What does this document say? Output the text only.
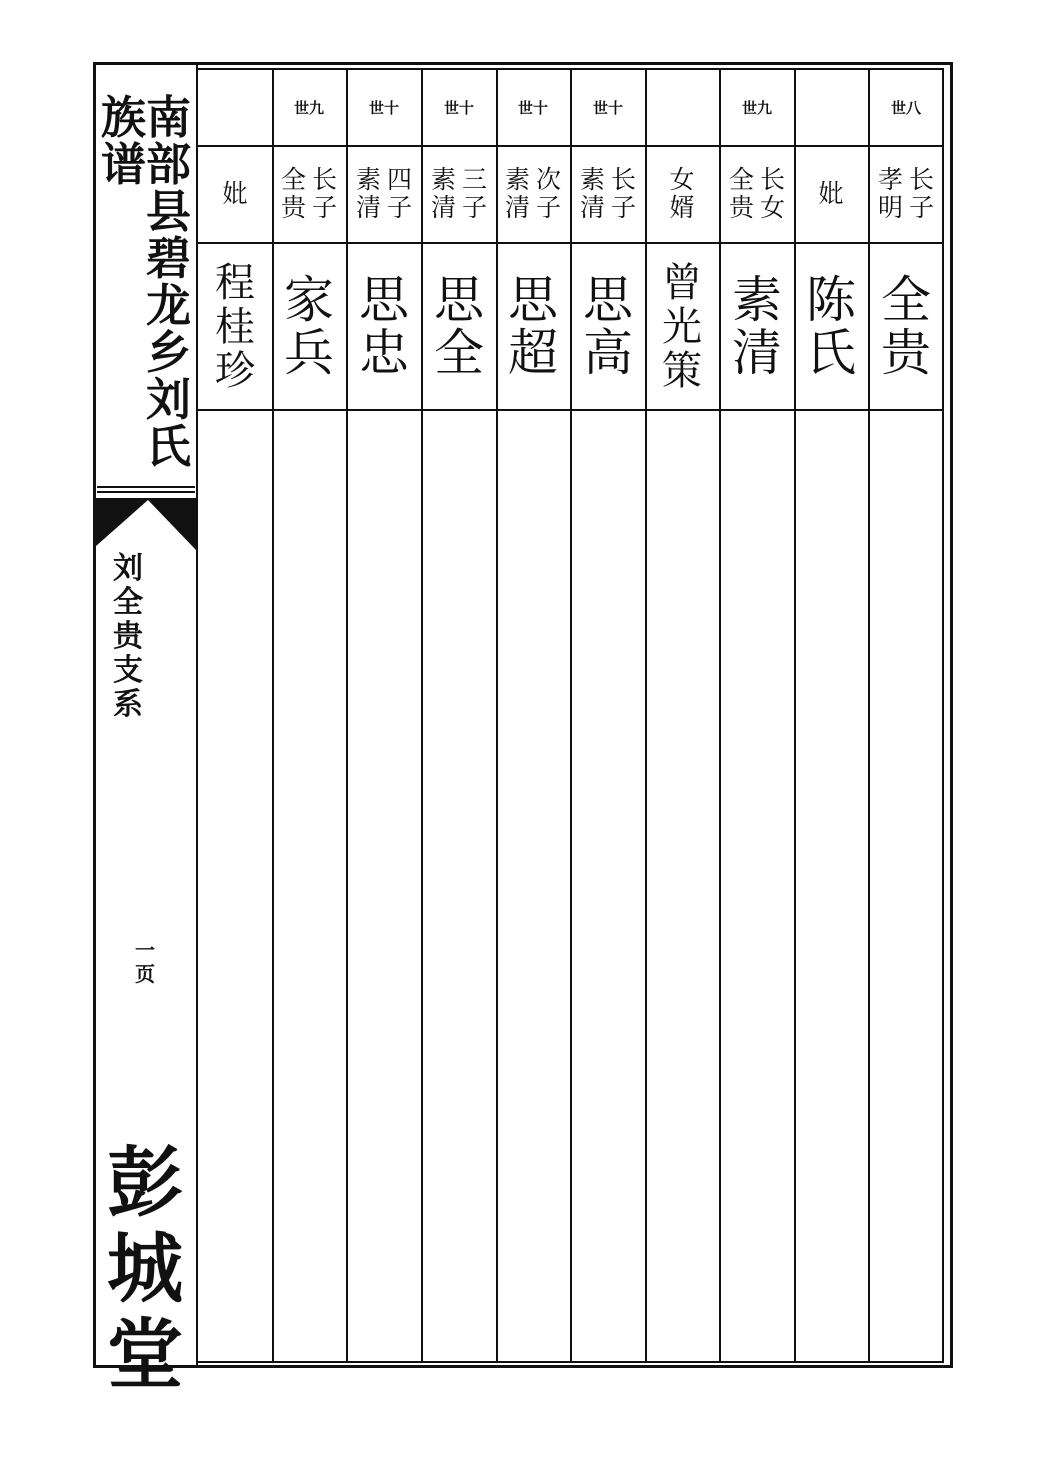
南
部
县
碧
龙
乡
刘
氏
族
谱
刘
全
贵
支
系
一
页
彭
城
堂
世八
长
子
孝
明
全
贵
妣
陈
氏
世九
长
女
全
贵
素
清
女
婿
曾
光
策
世十
长
子
素
清
思
高
世十
次
子
素
清
思
超
世十
三
子
素
清
思
全
世十
四
子
素
清
思
忠
世九
长
子
全
贵
家
兵
妣
程
桂
珍
